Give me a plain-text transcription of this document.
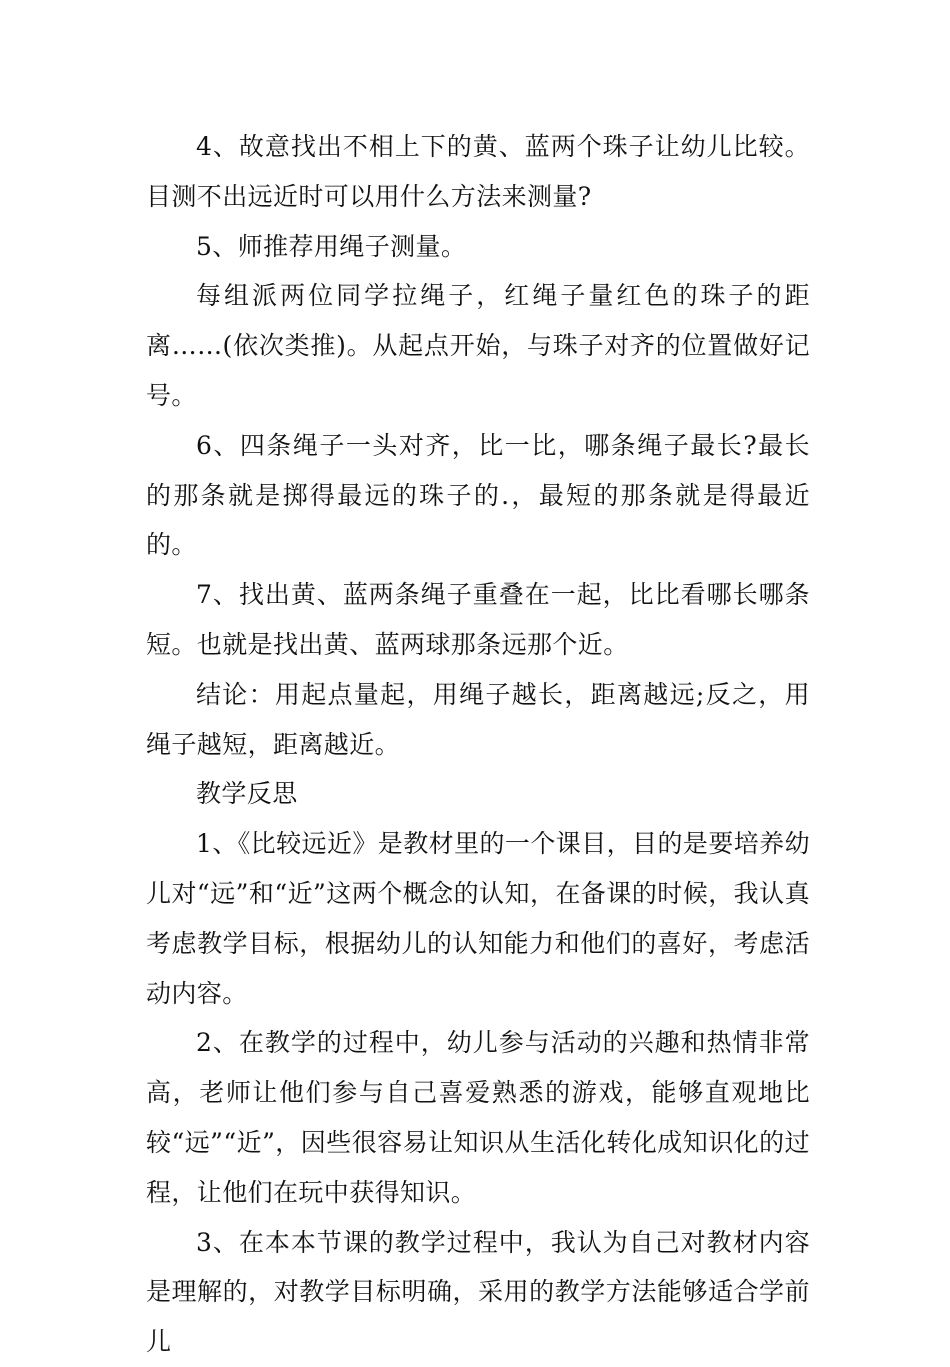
4、故意找出不相上下的黄、蓝两个珠子让幼儿比较。目测不出远近时可以用什么方法来测量?

5、师推荐用绳子测量。

每组派两位同学拉绳子，红绳子量红色的珠子的距离……(依次类推)。从起点开始，与珠子对齐的位置做好记号。

6、四条绳子一头对齐，比一比，哪条绳子最长?最长的那条就是掷得最远的珠子的.，最短的那条就是得最近的。

7、找出黄、蓝两条绳子重叠在一起，比比看哪长哪条短。也就是找出黄、蓝两球那条远那个近。

结论：用起点量起，用绳子越长，距离越远;反之，用绳子越短，距离越近。

教学反思

1、《比较远近》是教材里的一个课目，目的是要培养幼儿对“远”和“近”这两个概念的认知，在备课的时候，我认真考虑教学目标，根据幼儿的认知能力和他们的喜好，考虑活动内容。

2、在教学的过程中，幼儿参与活动的兴趣和热情非常高，老师让他们参与自己喜爱熟悉的游戏，能够直观地比较“远”“近”，因些很容易让知识从生活化转化成知识化的过程，让他们在玩中获得知识。

3、在本本节课的教学过程中，我认为自己对教材内容是理解的，对教学目标明确，采用的教学方法能够适合学前儿
